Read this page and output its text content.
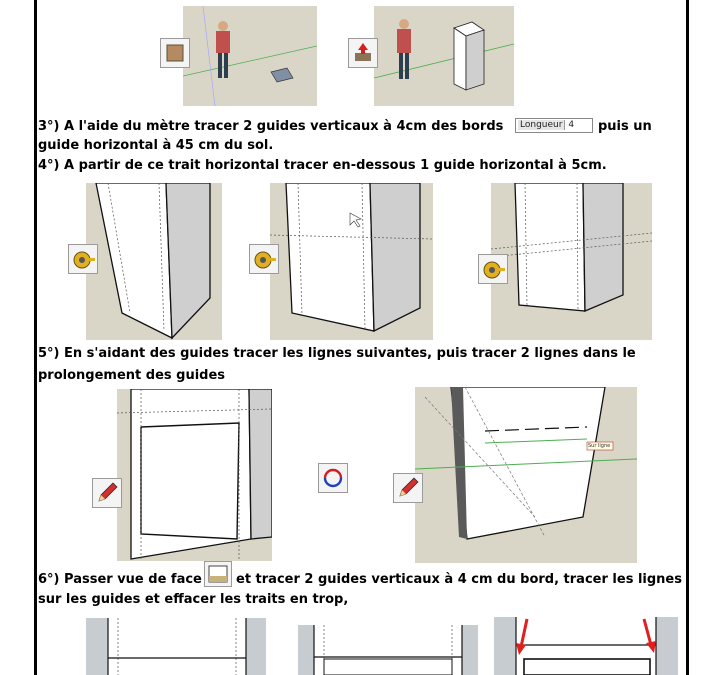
3°) A l'aide du mètre tracer 2 guides verticaux à 4cm des bords	Longueur 4	puis un
guide horizontal à 45 cm du sol.
4°) A partir de ce trait horizontal tracer en-dessous 1 guide horizontal à 5cm.
5°) En s'aidant des guides tracer les lignes suivantes, puis tracer 2 lignes dans le
prolongement des guides
Sur ligne
6°) Passer vue de face	et tracer 2 guides verticaux à 4 cm du bord, tracer les lignes
sur les guides et effacer les traits en trop,
